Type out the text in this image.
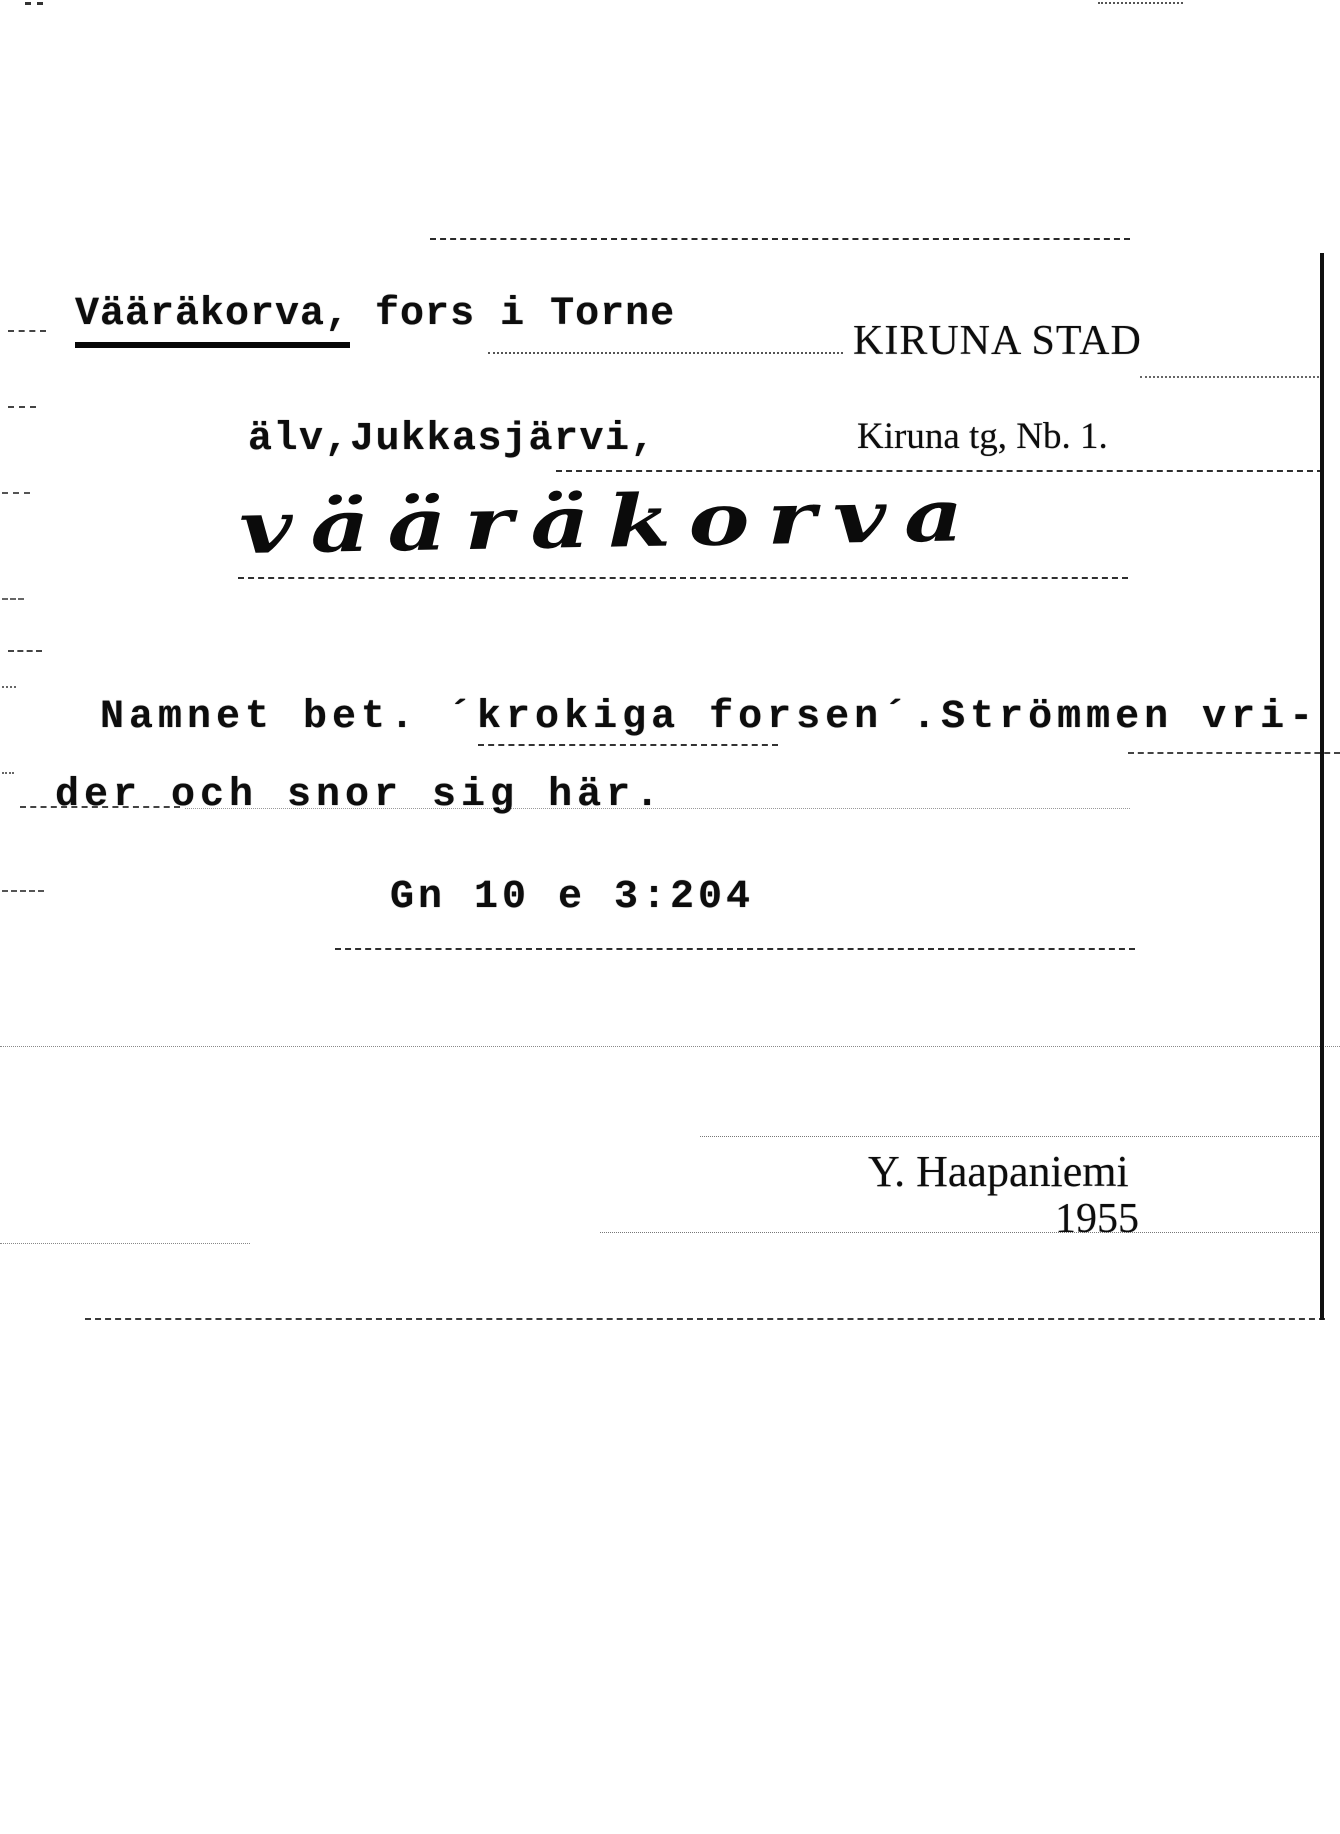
Vääräkorva, fors i Torne
älv,Jukkasjärvi,
KIRUNA STAD
Kiruna tg, Nb. 1.
vääräkorva
Namnet bet. ´krokiga forsen´.Strömmen vri-
der och snor sig här.
Gn 10 e 3:204
Y. Haapaniemi
1955
